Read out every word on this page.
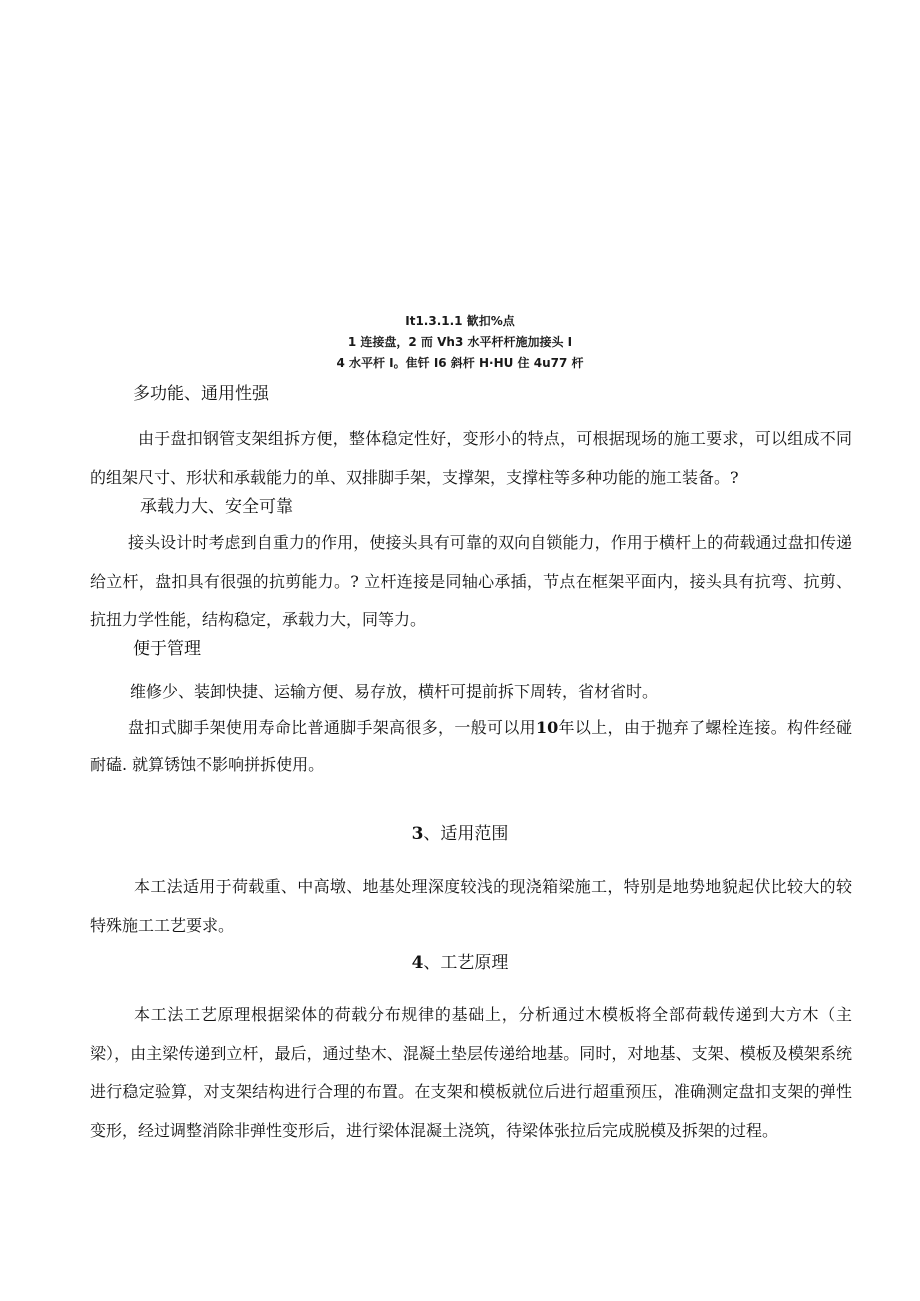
It1.3.1.1 歓扣%点
1 连接盘，2 而 Vh3 水平杆杆施加接头 I
4 水平杆 I。隹钎 I6 斜杆 H·HU 住 4u77 杆
多功能、通用性强
由于盘扣钢管支架组拆方便，整体稳定性好，变形小的特点，可根据现场的施工要求，可以组成不同的组架尺寸、形状和承载能力的单、双排脚手架，支撑架，支撑柱等多种功能的施工装备。?
承载力大、安全可靠
接头设计时考虑到自重力的作用，使接头具有可靠的双向自锁能力，作用于横杆上的荷载通过盘扣传递给立杆，盘扣具有很强的抗剪能力。? 立杆连接是同轴心承插，节点在框架平面内，接头具有抗弯、抗剪、抗扭力学性能，结构稳定，承载力大，同等力。
便于管理
维修少、装卸快捷、运输方便、易存放，横杆可提前拆下周转，省材省时。
盘扣式脚手架使用寿命比普通脚手架高很多，一般可以用10年以上，由于抛弃了螺栓连接。构件经碰耐磕. 就算锈蚀不影响拼拆使用。
3、适用范围
本工法适用于荷载重、中高墩、地基处理深度较浅的现浇箱梁施工，特别是地势地貌起伏比较大的较特殊施工工艺要求。
4、工艺原理
本工法工艺原理根据梁体的荷载分布规律的基础上，分析通过木模板将全部荷载传递到大方木（主梁），由主梁传递到立杆，最后，通过垫木、混凝土垫层传递给地基。同时，对地基、支架、模板及模架系统进行稳定验算，对支架结构进行合理的布置。在支架和模板就位后进行超重预压，准确测定盘扣支架的弹性变形，经过调整消除非弹性变形后，进行梁体混凝土浇筑，待梁体张拉后完成脱模及拆架的过程。
